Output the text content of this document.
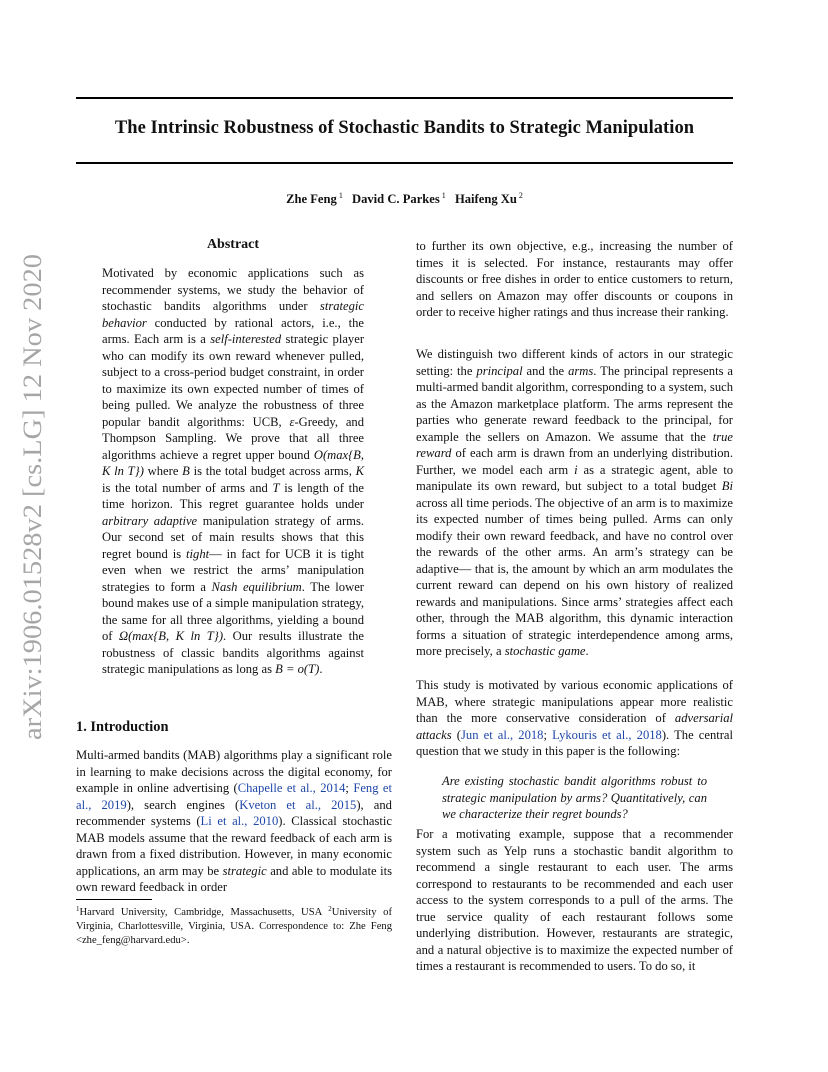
arXiv:1906.01528v2 [cs.LG] 12 Nov 2020
The Intrinsic Robustness of Stochastic Bandits to Strategic Manipulation
Zhe Feng $^1$ David C. Parkes $^1$ Haifeng Xu $^2$
Abstract

Motivated by economic applications such as recommender systems, we study the behavior of stochastic bandits algorithms under strategic behavior conducted by rational actors, i.e., the arms. Each arm is a self-interested strategic player who can modify its own reward whenever pulled, subject to a cross-period budget constraint, in order to maximize its own expected number of times of being pulled. We analyze the robustness of three popular bandit algorithms: UCB, ε-Greedy, and Thompson Sampling. We prove that all three algorithms achieve a regret upper bound O(max{B, K ln T}) where B is the total budget across arms, K is the total number of arms and T is length of the time horizon. This regret guarantee holds under arbitrary adaptive manipulation strategy of arms. Our second set of main results shows that this regret bound is tight— in fact for UCB it is tight even when we restrict the arms’ manipulation strategies to form a Nash equilibrium. The lower bound makes use of a simple manipulation strategy, the same for all three algorithms, yielding a bound of Ω(max{B, K ln T}). Our results illustrate the robustness of classic bandits algorithms against strategic manipulations as long as B = o(T).

1. Introduction

Multi-armed bandits (MAB) algorithms play a significant role in learning to make decisions across the digital economy, for example in online advertising (Chapelle et al., 2014; Feng et al., 2019), search engines (Kveton et al., 2015), and recommender systems (Li et al., 2010). Classical stochastic MAB models assume that the reward feedback of each arm is drawn from a fixed distribution. However, in many economic applications, an arm may be strategic and able to modulate its own reward feedback in order

$^1$Harvard University, Cambridge, Massachusetts, USA $^2$University of Virginia, Charlottesville, Virginia, USA. Correspondence to: Zhe Feng <zhe_feng@harvard.edu>.

to further its own objective, e.g., increasing the number of times it is selected. For instance, restaurants may offer discounts or free dishes in order to entice customers to return, and sellers on Amazon may offer discounts or coupons in order to receive higher ratings and thus increase their ranking.

We distinguish two different kinds of actors in our strategic setting: the principal and the arms. The principal represents a multi-armed bandit algorithm, corresponding to a system, such as the Amazon marketplace platform. The arms represent the parties who generate reward feedback to the principal, for example the sellers on Amazon. We assume that the true reward of each arm is drawn from an underlying distribution. Further, we model each arm i as a strategic agent, able to manipulate its own reward, but subject to a total budget Bi across all time periods. The objective of an arm is to maximize its expected number of times being pulled. Arms can only modify their own reward feedback, and have no control over the rewards of the other arms. An arm’s strategy can be adaptive— that is, the amount by which an arm modulates the current reward can depend on his own history of realized rewards and manipulations. Since arms’ strategies affect each other, through the MAB algorithm, this dynamic interaction forms a situation of strategic interdependence among arms, more precisely, a stochastic game.

This study is motivated by various economic applications of MAB, where strategic manipulations appear more realistic than the more conservative consideration of adversarial attacks (Jun et al., 2018; Lykouris et al., 2018). The central question that we study in this paper is the following:

Are existing stochastic bandit algorithms robust to strategic manipulation by arms? Quantitatively, can we characterize their regret bounds?

For a motivating example, suppose that a recommender system such as Yelp runs a stochastic bandit algorithm to recommend a single restaurant to each user. The arms correspond to restaurants to be recommended and each user access to the system corresponds to a pull of the arms. The true service quality of each restaurant follows some underlying distribution. However, restaurants are strategic, and a natural objective is to maximize the expected number of times a restaurant is recommended to users. To do so, it
